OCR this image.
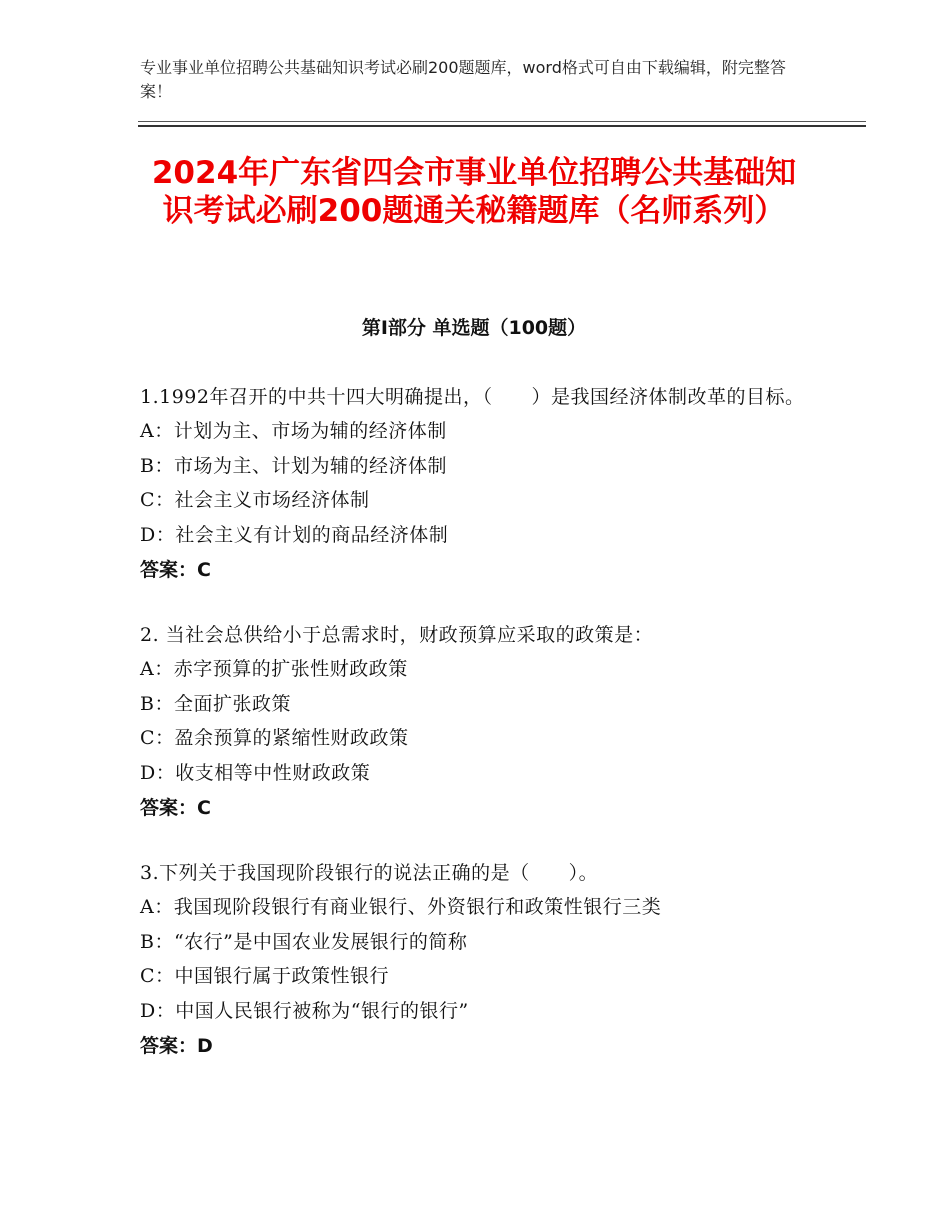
专业事业单位招聘公共基础知识考试必刷200题题库，word格式可自由下载编辑，附完整答案！
2024年广东省四会市事业单位招聘公共基础知识考试必刷200题通关秘籍题库（名师系列）
第Ⅰ部分 单选题（100题）
1.1992年召开的中共十四大明确提出，（　　）是我国经济体制改革的目标。
A：计划为主、市场为辅的经济体制
B：市场为主、计划为辅的经济体制
C：社会主义市场经济体制
D：社会主义有计划的商品经济体制
答案：C
2. 当社会总供给小于总需求时，财政预算应采取的政策是：
A：赤字预算的扩张性财政政策
B：全面扩张政策
C：盈余预算的紧缩性财政政策
D：收支相等中性财政政策
答案：C
3.下列关于我国现阶段银行的说法正确的是（　　）。
A：我国现阶段银行有商业银行、外资银行和政策性银行三类
B：“农行”是中国农业发展银行的简称
C：中国银行属于政策性银行
D：中国人民银行被称为“银行的银行”
答案：D
